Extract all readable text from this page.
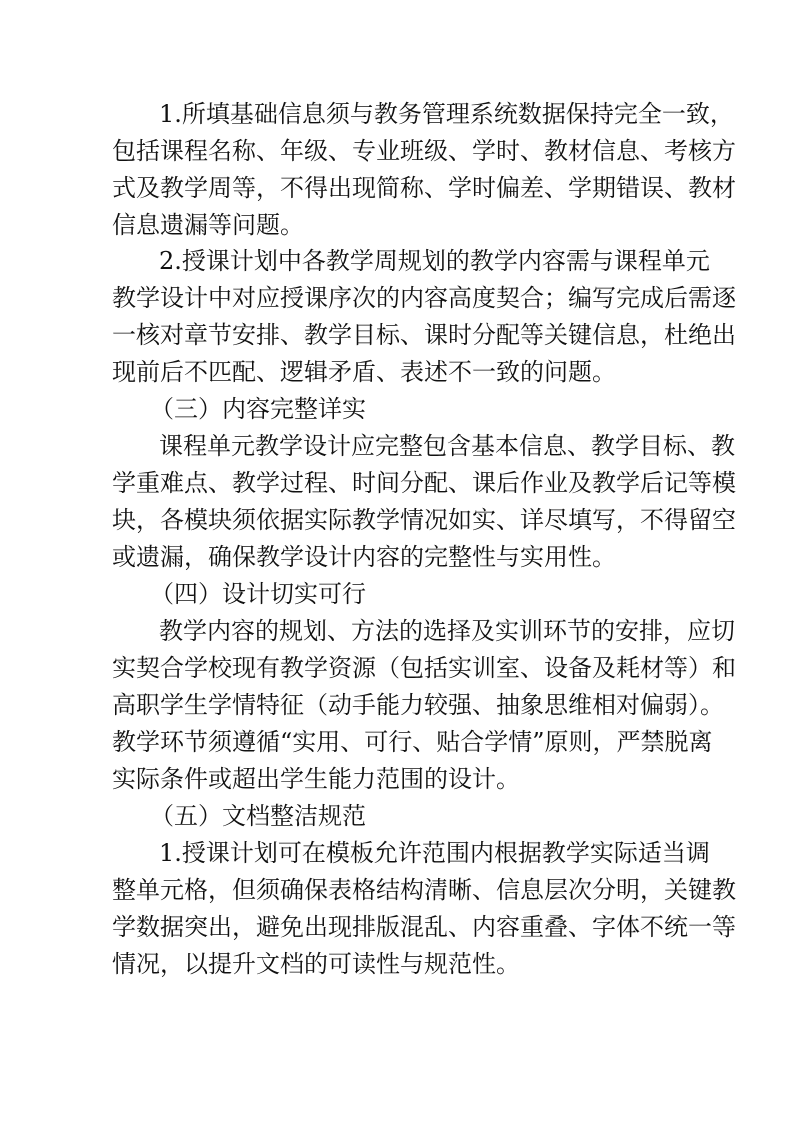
1.所填基础信息须与教务管理系统数据保持完全一致，
包括课程名称、年级、专业班级、学时、教材信息、考核方
式及教学周等，不得出现简称、学时偏差、学期错误、教材
信息遗漏等问题。
2.授课计划中各教学周规划的教学内容需与课程单元
教学设计中对应授课序次的内容高度契合；编写完成后需逐
一核对章节安排、教学目标、课时分配等关键信息，杜绝出
现前后不匹配、逻辑矛盾、表述不一致的问题。
（三）内容完整详实
课程单元教学设计应完整包含基本信息、教学目标、教
学重难点、教学过程、时间分配、课后作业及教学后记等模
块，各模块须依据实际教学情况如实、详尽填写，不得留空
或遗漏，确保教学设计内容的完整性与实用性。
（四）设计切实可行
教学内容的规划、方法的选择及实训环节的安排，应切
实契合学校现有教学资源（包括实训室、设备及耗材等）和
高职学生学情特征（动手能力较强、抽象思维相对偏弱）。
教学环节须遵循“实用、可行、贴合学情”原则，严禁脱离
实际条件或超出学生能力范围的设计。
（五）文档整洁规范
1.授课计划可在模板允许范围内根据教学实际适当调
整单元格，但须确保表格结构清晰、信息层次分明，关键教
学数据突出，避免出现排版混乱、内容重叠、字体不统一等
情况，以提升文档的可读性与规范性。
